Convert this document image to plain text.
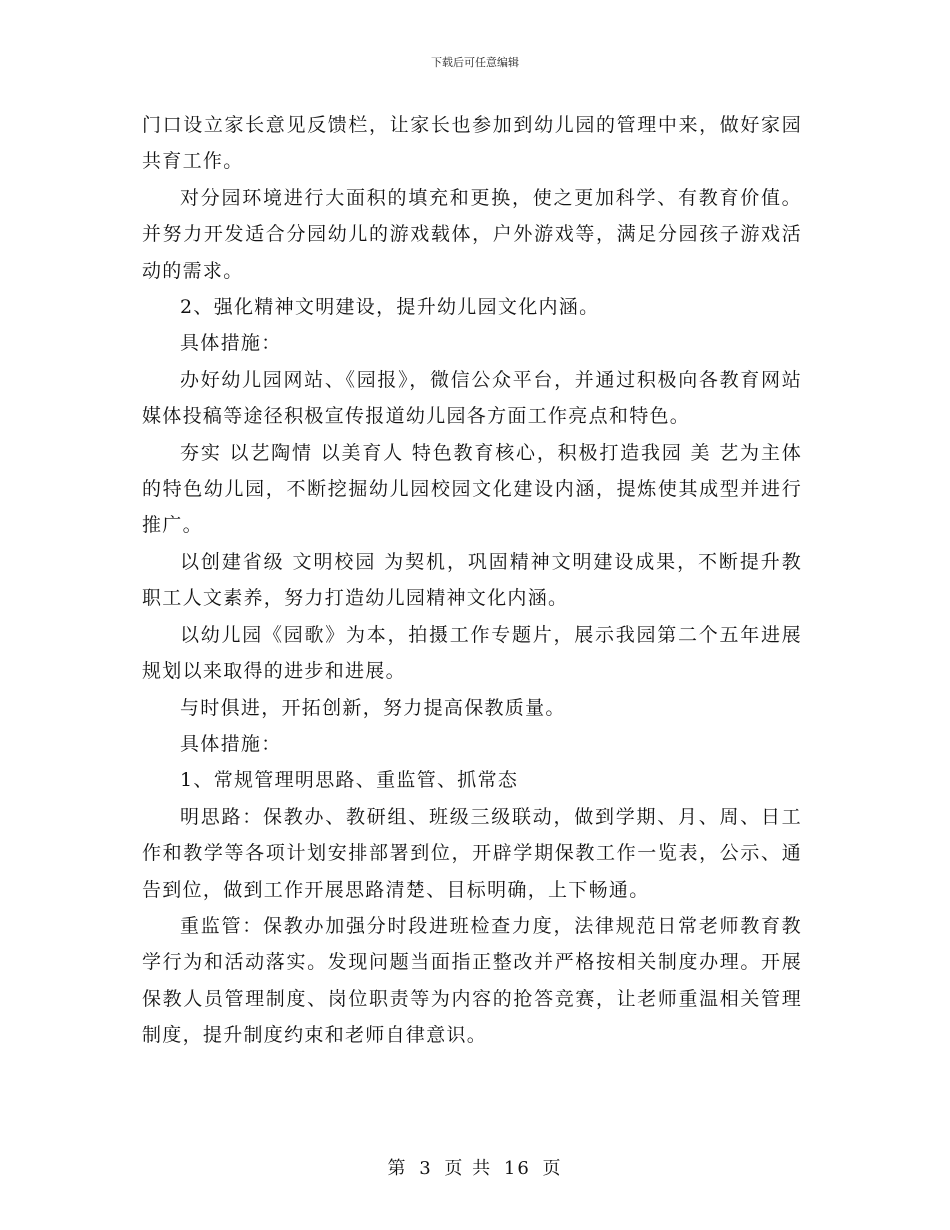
下载后可任意编辑

门口设立家长意见反馈栏，让家长也参加到幼儿园的管理中来，做好家园共育工作。

对分园环境进行大面积的填充和更换，使之更加科学、有教育价值。并努力开发适合分园幼儿的游戏载体，户外游戏等，满足分园孩子游戏活动的需求。

2、强化精神文明建设，提升幼儿园文化内涵。

具体措施：

办好幼儿园网站、《园报》，微信公众平台，并通过积极向各教育网站媒体投稿等途径积极宣传报道幼儿园各方面工作亮点和特色。

夯实 以艺陶情 以美育人 特色教育核心，积极打造我园 美 艺为主体的特色幼儿园，不断挖掘幼儿园校园文化建设内涵，提炼使其成型并进行推广。

以创建省级 文明校园 为契机，巩固精神文明建设成果，不断提升教职工人文素养，努力打造幼儿园精神文化内涵。

以幼儿园《园歌》为本，拍摄工作专题片，展示我园第二个五年进展规划以来取得的进步和进展。

与时俱进，开拓创新，努力提高保教质量。

具体措施：

1、常规管理明思路、重监管、抓常态

明思路：保教办、教研组、班级三级联动，做到学期、月、周、日工作和教学等各项计划安排部署到位，开辟学期保教工作一览表，公示、通告到位，做到工作开展思路清楚、目标明确，上下畅通。

重监管：保教办加强分时段进班检查力度，法律规范日常老师教育教学行为和活动落实。发现问题当面指正整改并严格按相关制度办理。开展保教人员管理制度、岗位职责等为内容的抢答竞赛，让老师重温相关管理制度，提升制度约束和老师自律意识。

第 3 页 共 16 页
